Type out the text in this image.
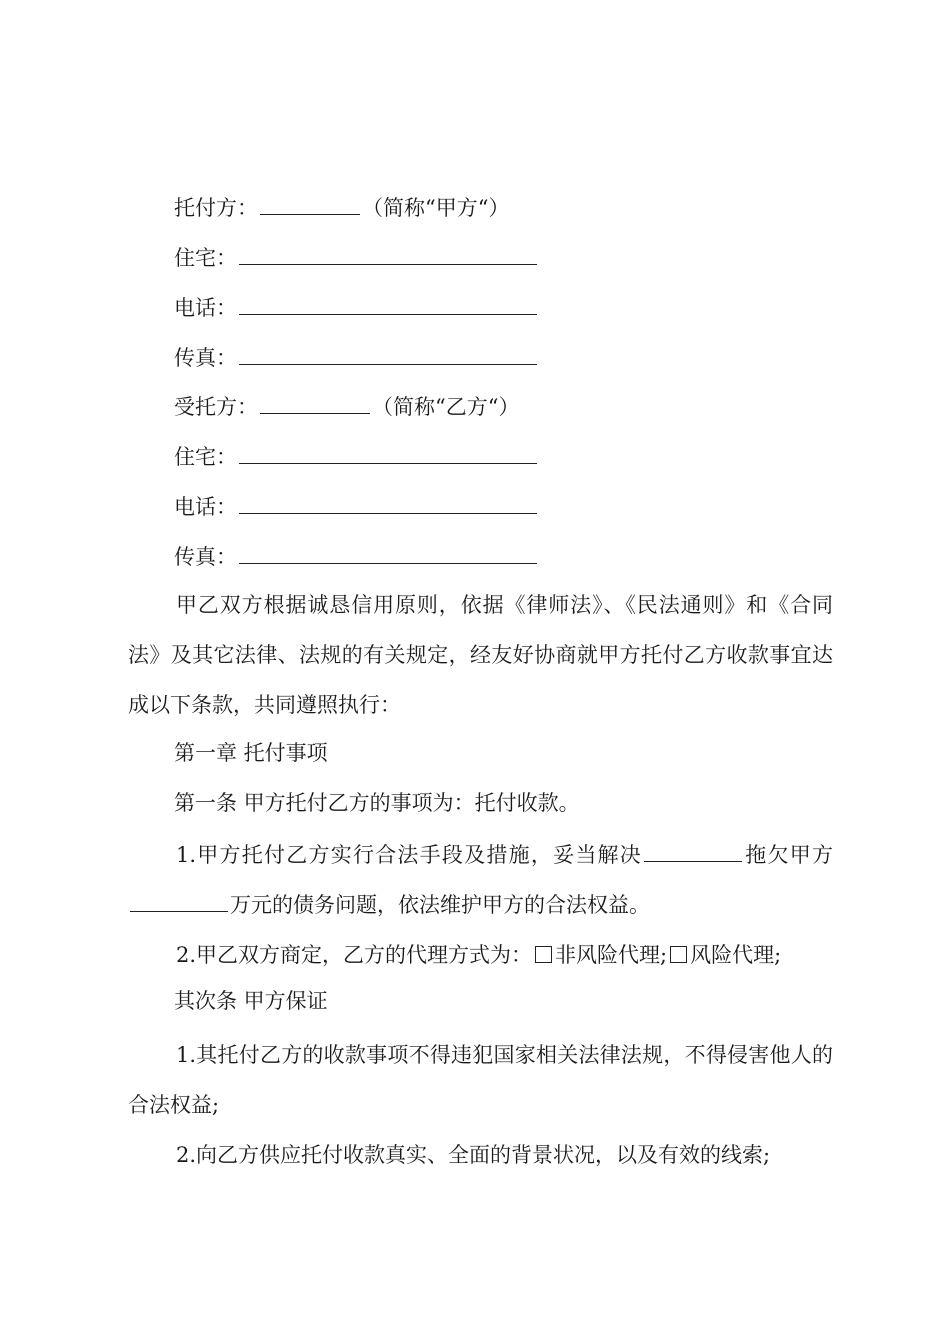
托付方：	（简称“甲方“）
住宅：
电话：
传真：
受托方：	（简称“乙方“）
住宅：
电话：
传真：
甲乙双方根据诚恳信用原则，依据《律师法》、《民法通则》和《合同法》及其它法律、法规的有关规定，经友好协商就甲方托付乙方收款事宜达成以下条款，共同遵照执行：
第一章 托付事项
第一条 甲方托付乙方的事项为：托付收款。
1.甲方托付乙方实行合法手段及措施，妥当解决	拖欠甲方万元的债务问题，依法维护甲方的合法权益。
2.甲乙双方商定，乙方的代理方式为： 非风险代理; 风险代理;
其次条 甲方保证
1.其托付乙方的收款事项不得违犯国家相关法律法规，不得侵害他人的合法权益;
2.向乙方供应托付收款真实、全面的背景状况，以及有效的线索;
